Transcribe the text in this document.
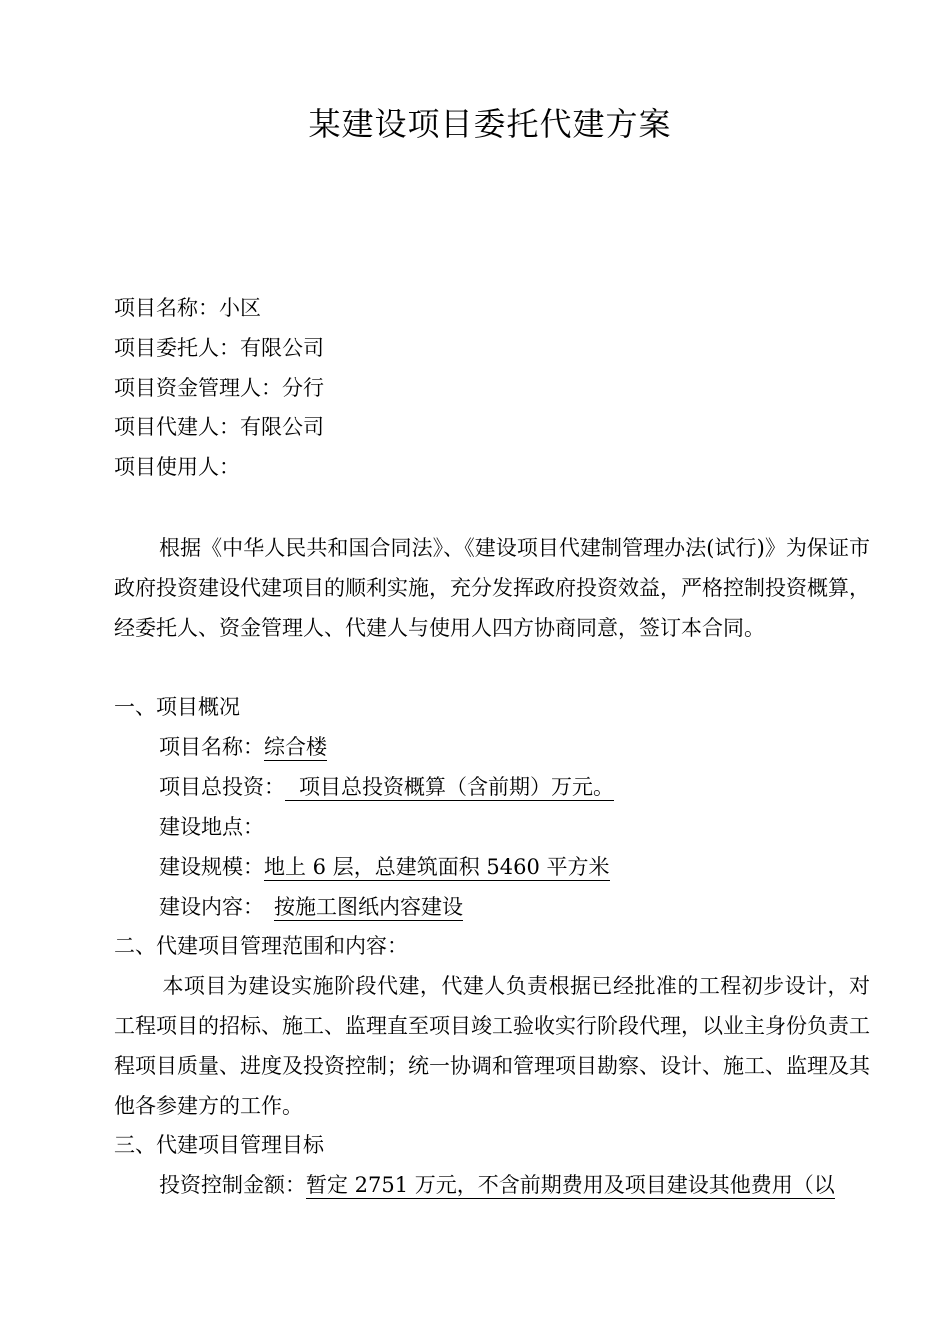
某建设项目委托代建方案
项目名称：小区
项目委托人：有限公司
项目资金管理人：分行
项目代建人：有限公司
项目使用人：
根据《中华人民共和国合同法》、《建设项目代建制管理办法(试行)》为保证市政府投资建设代建项目的顺利实施，充分发挥政府投资效益，严格控制投资概算，经委托人、资金管理人、代建人与使用人四方协商同意，签订本合同。
一、项目概况
项目名称：综合楼
项目总投资： 项目总投资概算（含前期）万元。
建设地点：
建设规模：地上 6 层，总建筑面积 5460 平方米
建设内容： 按施工图纸内容建设
二、代建项目管理范围和内容：
本项目为建设实施阶段代建，代建人负责根据已经批准的工程初步设计，对工程项目的招标、施工、监理直至项目竣工验收实行阶段代理，以业主身份负责工程项目质量、进度及投资控制；统一协调和管理项目勘察、设计、施工、监理及其他各参建方的工作。
三、代建项目管理目标
投资控制金额：暂定 2751 万元，不含前期费用及项目建设其他费用（以
